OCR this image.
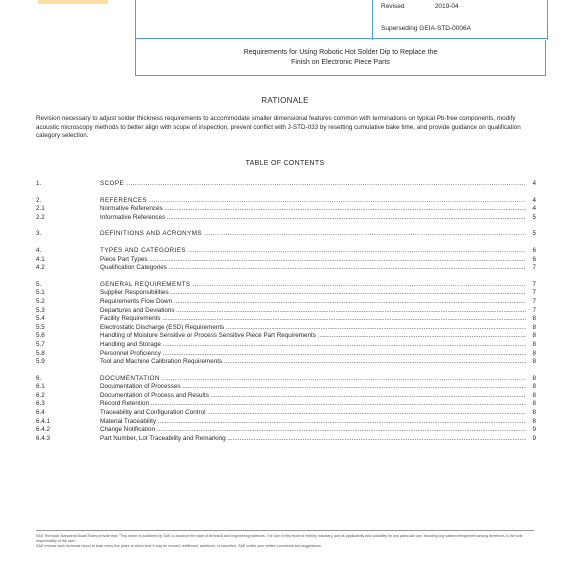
Revised	2019-04
Superseding GEIA-STD-0006A
Requirements for Using Robotic Hot Solder Dip to Replace the
Finish on Electronic Piece Parts
RATIONALE
Revision necessary to adjust solder thickness requirements to accommodate smaller dimensional features common with terminations on typical Pb-free components, modify acoustic microscopy methods to better align with scope of inspection, prevent conflict with J-STD-033 by resetting cumulative bake time, and provide guidance on qualification category selection.
TABLE OF CONTENTS
1.	SCOPE .....	4
2.	REFERENCES .....	4
2.1	Normative References .....	4
2.2	Informative References .....	5
3.	DEFINITIONS AND ACRONYMS .....	5
4.	TYPES AND CATEGORIES .....	6
4.1	Piece Part Types .....	6
4.2	Qualification Categories .....	7
5.	GENERAL REQUIREMENTS .....	7
5.1	Supplier Responsibilities .....	7
5.2	Requirements Flow Down .....	7
5.3	Departures and Deviations .....	7
5.4	Facility Requirements .....	8
5.5	Electrostatic Discharge (ESD) Requirements .....	8
5.6	Handling of Moisture Sensitive or Process Sensitive Piece Part Requirements .....	8
5.7	Handling and Storage .....	8
5.8	Personnel Proficiency .....	8
5.9	Tool and Machine Calibration Requirements .....	8
6.	DOCUMENTATION .....	8
6.1	Documentation of Processes .....	8
6.2	Documentation of Process and Results .....	8
6.3	Record Retention .....	8
6.4	Traceability and Configuration Control .....	8
6.4.1	Material Traceability .....	8
6.4.2	Change Notification .....	9
6.4.3	Part Number, Lot Traceability and Remarking .....	9
SAE Technical Standards Board Rules provide that: "This report is published by SAE to advance the state of technical and engineering sciences. The use of this report is entirely voluntary, and its applicability and suitability for any particular use, including any patent infringement arising therefrom, is the sole responsibility of the user."
SAE reviews each technical report at least every five years at which time it may be revised, reaffirmed, stabilized, or cancelled. SAE invites your written comments and suggestions.
